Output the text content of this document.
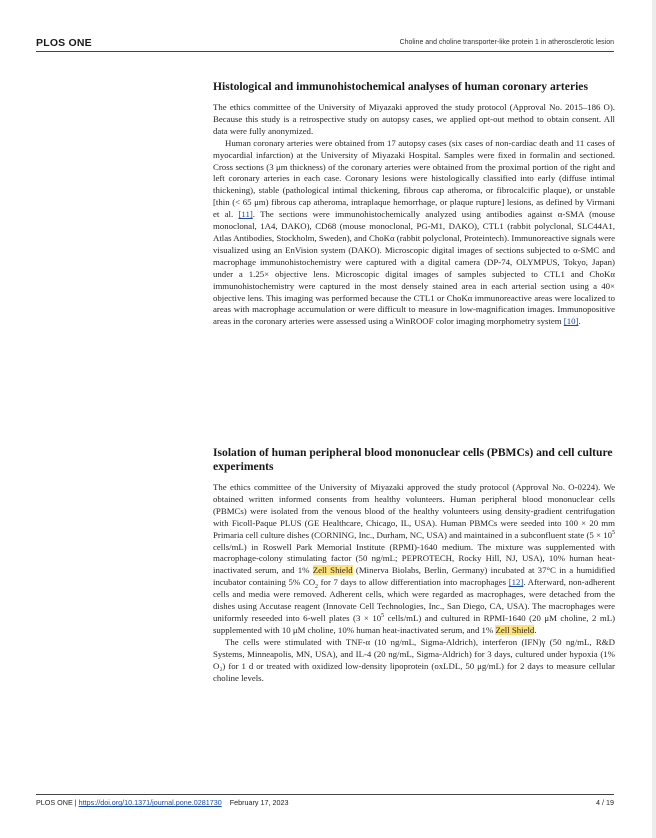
PLOS ONE	Choline and choline transporter-like protein 1 in atherosclerotic lesion
Histological and immunohistochemical analyses of human coronary arteries

The ethics committee of the University of Miyazaki approved the study protocol (Approval No. 2015–186 O). Because this study is a retrospective study on autopsy cases, we applied opt-out method to obtain consent. All data were fully anonymized.

Human coronary arteries were obtained from 17 autopsy cases (six cases of non-cardiac death and 11 cases of myocardial infarction) at the University of Miyazaki Hospital. Samples were fixed in formalin and sectioned. Cross sections (3 μm thickness) of the coronary arteries were obtained from the proximal portion of the right and left coronary arteries in each case. Coronary lesions were histologically classified into early (diffuse intimal thickening), stable (pathological intimal thickening, fibrous cap atheroma, or fibrocalcific plaque), or unstable [thin (< 65 μm) fibrous cap atheroma, intraplaque hemorrhage, or plaque rupture] lesions, as defined by Virmani et al. [11]. The sections were immunohistochemically analyzed using antibodies against α-SMA (mouse monoclonal, 1A4, DAKO), CD68 (mouse monoclonal, PG-M1, DAKO), CTL1 (rabbit polyclonal, SLC44A1, Atlas Antibodies, Stockholm, Sweden), and ChoKα (rabbit polyclonal, Proteintech). Immunoreactive signals were visualized using an EnVision system (DAKO). Microscopic digital images of sections subjected to α-SMC and macrophage immunohistochemistry were captured with a digital camera (DP-74, OLYMPUS, Tokyo, Japan) under a 1.25× objective lens. Microscopic digital images of samples subjected to CTL1 and ChoKα immunohistochemistry were captured in the most densely stained area in each arterial section using a 40× objective lens. This imaging was performed because the CTL1 or ChoKα immunoreactive areas were localized to areas with macrophage accumulation or were difficult to measure in low-magnification images. Immunopositive areas in the coronary arteries were assessed using a WinROOF color imaging morphometry system [10].

Isolation of human peripheral blood mononuclear cells (PBMCs) and cell culture experiments

The ethics committee of the University of Miyazaki approved the study protocol (Approval No. O-0224). We obtained written informed consents from healthy volunteers. Human peripheral blood mononuclear cells (PBMCs) were isolated from the venous blood of the healthy volunteers using density-gradient centrifugation with Ficoll-Paque PLUS (GE Healthcare, Chicago, IL, USA). Human PBMCs were seeded into 100 × 20 mm Primaria cell culture dishes (CORNING, Inc., Durham, NC, USA) and maintained in a subconfluent state ($5 \times 10^5$ cells/mL) in Roswell Park Memorial Institute (RPMI)-1640 medium. The mixture was supplemented with macrophage-colony stimulating factor (50 ng/mL; PEPROTECH, Rocky Hill, NJ, USA), 10% human heat-inactivated serum, and 1% Zell Shield (Minerva Biolabs, Berlin, Germany) incubated at 37°C in a humidified incubator containing 5% $CO_2$ for 7 days to allow differentiation into macrophages [12]. Afterward, non-adherent cells and media were removed. Adherent cells, which were regarded as macrophages, were detached from the dishes using Accutase reagent (Innovate Cell Technologies, Inc., San Diego, CA, USA). The macrophages were uniformly reseeded into 6-well plates ($3 \times 10^5$ cells/mL) and cultured in RPMI-1640 (20 μM choline, 2 mL) supplemented with 10 μM choline, 10% human heat-inactivated serum, and 1% Zell Shield.

The cells were stimulated with TNF-α (10 ng/mL, Sigma-Aldrich), interferon (IFN)γ (50 ng/mL, R&D Systems, Minneapolis, MN, USA), and IL-4 (20 ng/mL, Sigma-Aldrich) for 3 days, cultured under hypoxia (1% O₂) for 1 d or treated with oxidized low-density lipoprotein (oxLDL, 50 μg/mL) for 2 days to measure cellular choline levels.

PLOS ONE | https://doi.org/10.1371/journal.pone.0281730 February 17, 2023	4 / 19
